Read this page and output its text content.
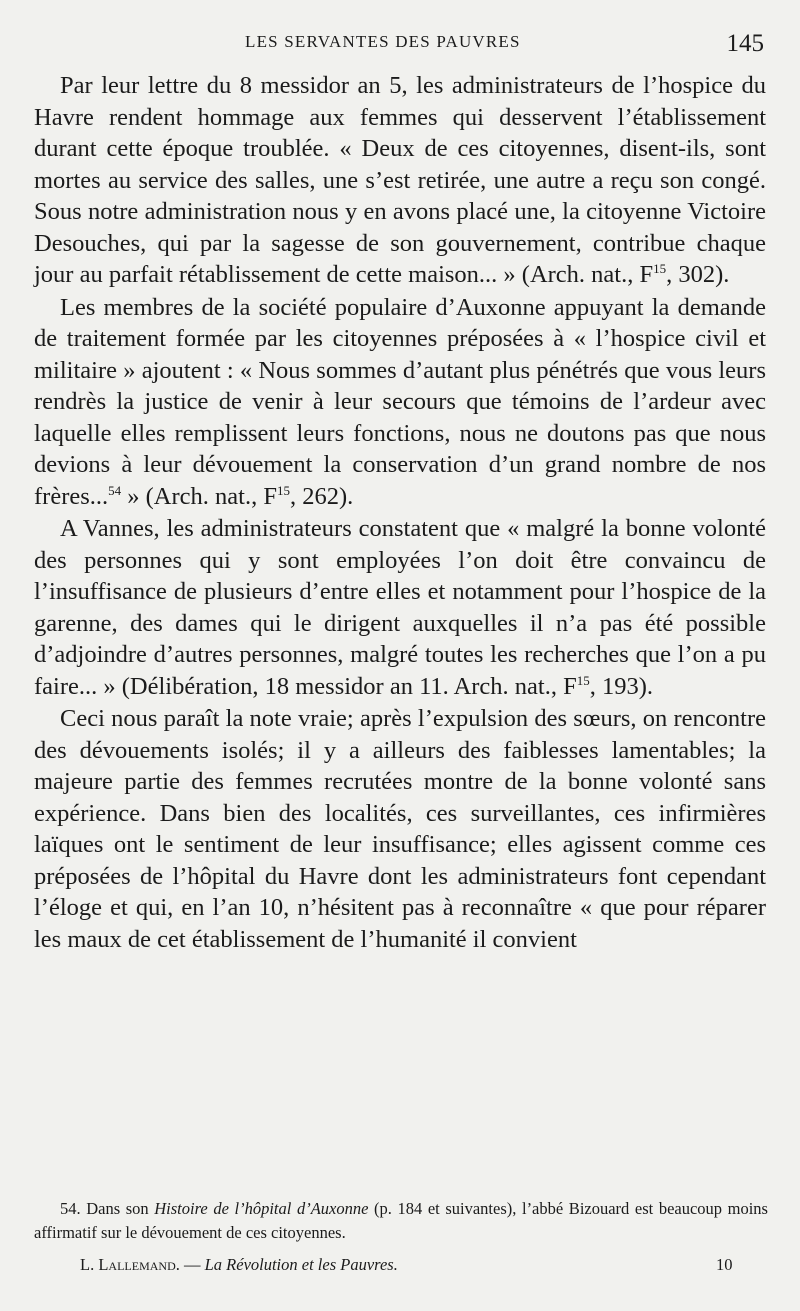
LES SERVANTES DES PAUVRES	145

Par leur lettre du 8 messidor an 5, les administrateurs de l’hospice du Havre rendent hommage aux femmes qui desservent l’établissement durant cette époque troublée. « Deux de ces citoyennes, disent-ils, sont mortes au service des salles, une s’est retirée, une autre a reçu son congé. Sous notre administration nous y en avons placé une, la citoyenne Victoire Desouches, qui par la sagesse de son gouvernement, contribue chaque jour au parfait rétablissement de cette maison... » (Arch. nat., $F^{15}$, 302).

Les membres de la société populaire d’Auxonne appuyant la demande de traitement formée par les citoyennes préposées à « l’hospice civil et militaire » ajoutent : « Nous sommes d’autant plus pénétrés que vous leurs rendrès la justice de venir à leur secours que témoins de l’ardeur avec laquelle elles remplissent leurs fonctions, nous ne doutons pas que nous devions à leur dévouement la conservation d’un grand nombre de nos frères...$^{54}$ » (Arch. nat., $F^{15}$, 262).

A Vannes, les administrateurs constatent que « malgré la bonne volonté des personnes qui y sont employées l’on doit être convaincu de l’insuffisance de plusieurs d’entre elles et notamment pour l’hospice de la garenne, des dames qui le dirigent auxquelles il n’a pas été possible d’adjoindre d’autres personnes, malgré toutes les recherches que l’on a pu faire... » (Délibération, 18 messidor an 11. Arch. nat., $F^{15}$, 193).

Ceci nous paraît la note vraie; après l’expulsion des sœurs, on rencontre des dévouements isolés; il y a ailleurs des faiblesses lamentables; la majeure partie des femmes recrutées montre de la bonne volonté sans expérience. Dans bien des localités, ces surveillantes, ces infirmières laïques ont le sentiment de leur insuffisance; elles agissent comme ces préposées de l’hôpital du Havre dont les administrateurs font cependant l’éloge et qui, en l’an 10, n’hésitent pas à reconnaître « que pour réparer les maux de cet établissement de l’humanité il convient

54. Dans son Histoire de l’hôpital d’Auxonne (p. 184 et suivantes), l’abbé Bizouard est beaucoup moins affirmatif sur le dévouement de ces citoyennes.

L. Lallemand. — La Révolution et les Pauvres.	10
